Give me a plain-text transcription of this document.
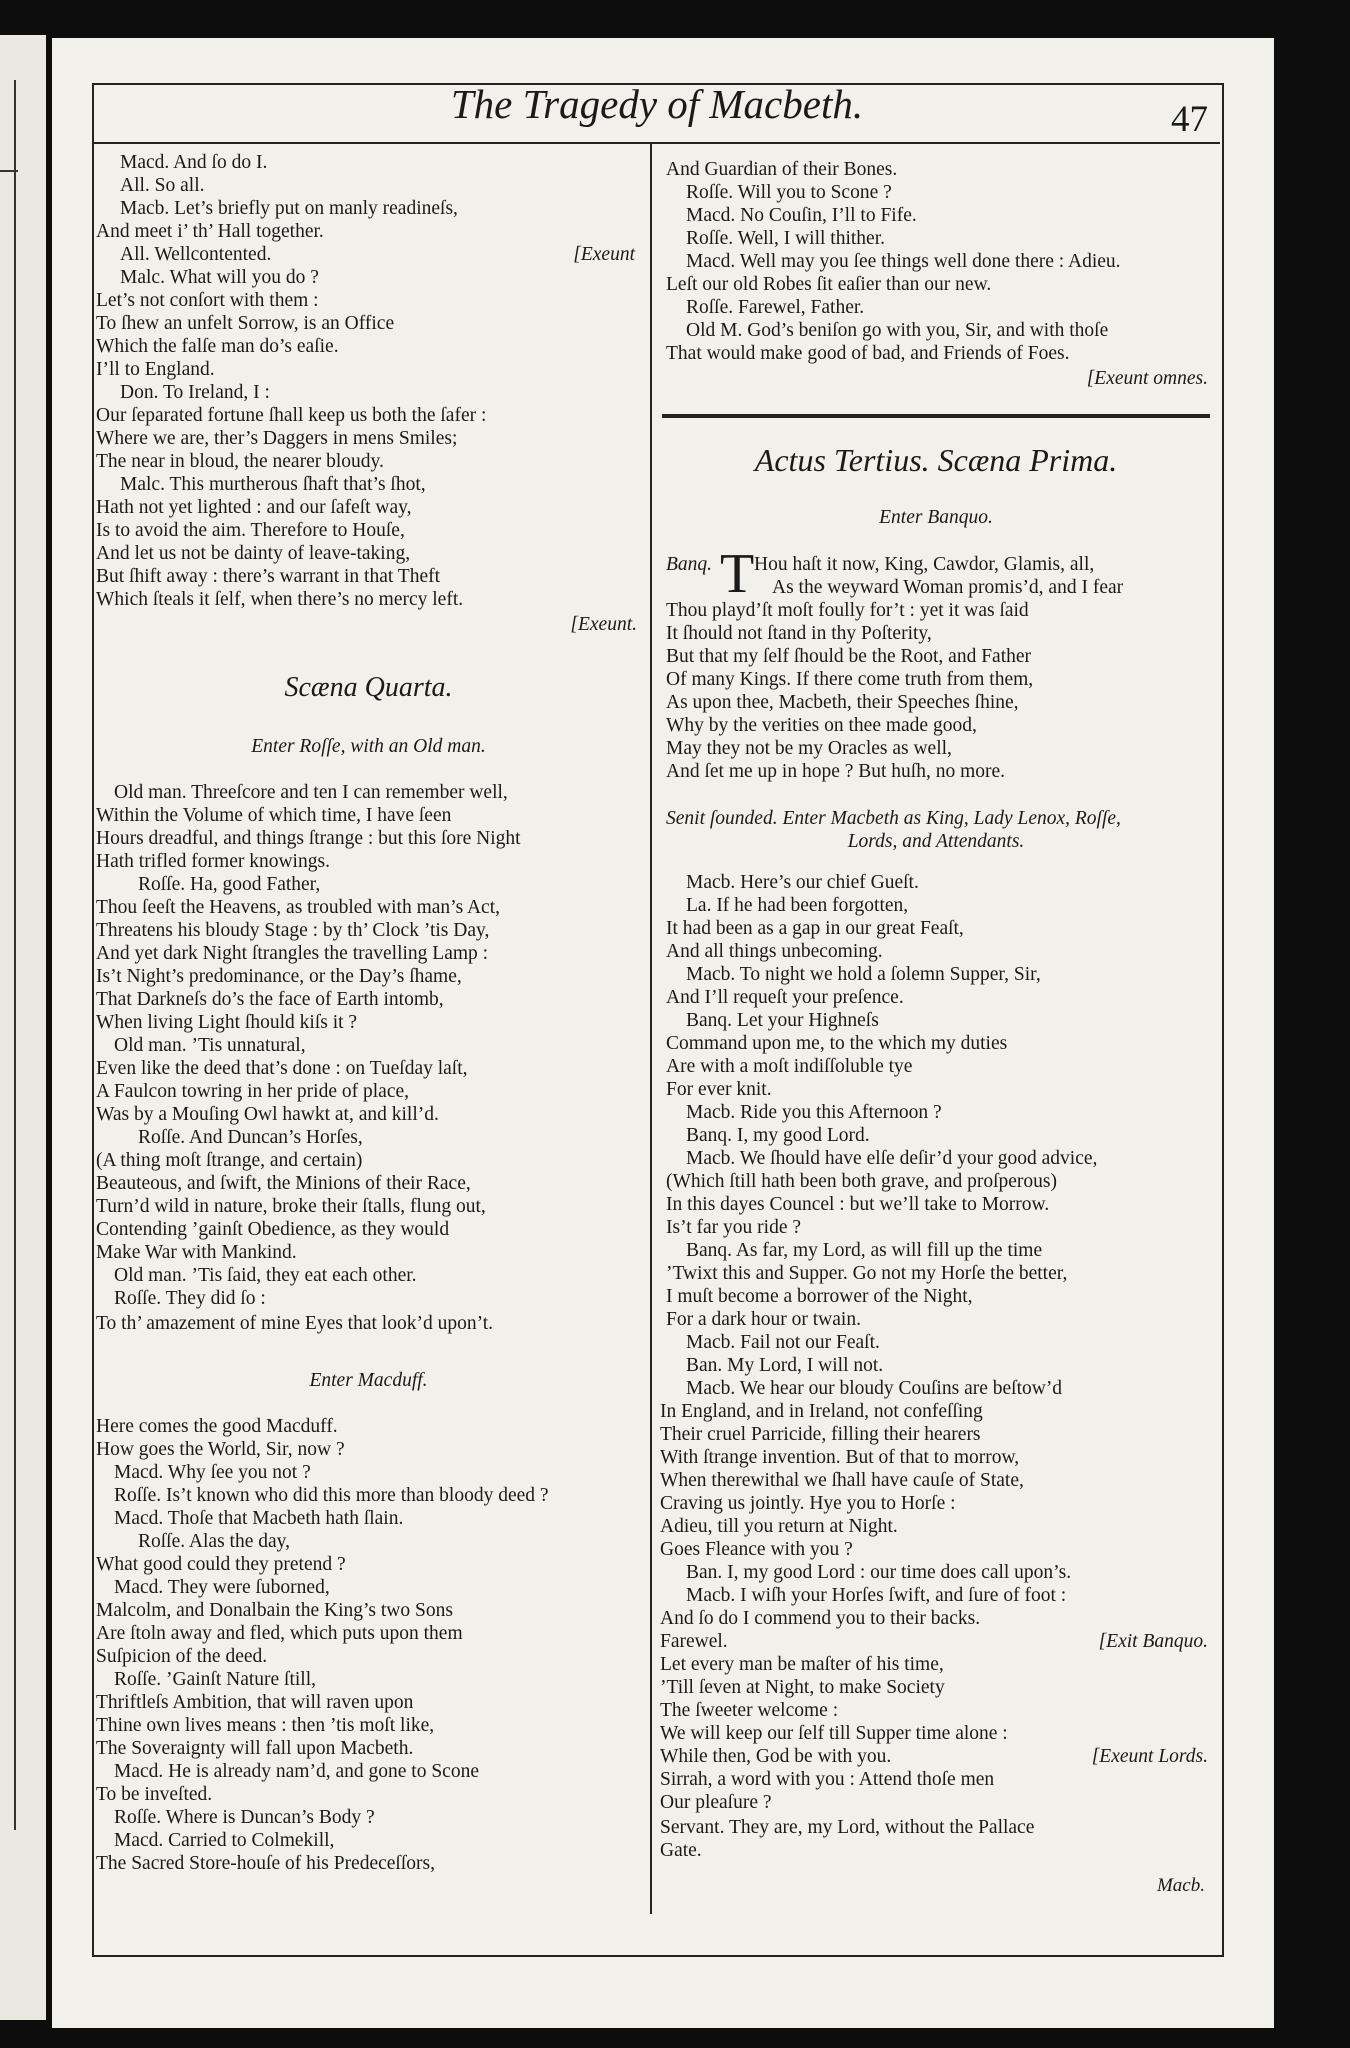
The Tragedy of Macbeth.	47
Macd. And ſo do I.
All. So all.
Macb. Let’s briefly put on manly readineſs,
And meet i’ th’ Hall together.
All. Wellcontented.	[Exeunt
Malc. What will you do ?
Let’s not conſort with them :
To ſhew an unfelt Sorrow, is an Office
Which the falſe man do’s eaſie.
I’ll to England.
Don. To Ireland, I :
Our ſeparated fortune ſhall keep us both the ſafer :
Where we are, ther’s Daggers in mens Smiles;
The near in bloud, the nearer bloudy.
Malc. This murtherous ſhaft that’s ſhot,
Hath not yet lighted : and our ſafeſt way,
Is to avoid the aim. Therefore to Houſe,
And let us not be dainty of leave-taking,
But ſhift away : there’s warrant in that Theft
Which ſteals it ſelf, when there’s no mercy left.
[Exeunt.
Scæna Quarta.
Enter Roſſe, with an Old man.
Old man. Threeſcore and ten I can remember well,
Within the Volume of which time, I have ſeen
Hours dreadful, and things ſtrange : but this ſore Night
Hath trifled former knowings.
Roſſe. Ha, good Father,
Thou ſeeſt the Heavens, as troubled with man’s Act,
Threatens his bloudy Stage : by th’ Clock ’tis Day,
And yet dark Night ſtrangles the travelling Lamp :
Is’t Night’s predominance, or the Day’s ſhame,
That Darkneſs do’s the face of Earth intomb,
When living Light ſhould kiſs it ?
Old man. ’Tis unnatural,
Even like the deed that’s done : on Tueſday laſt,
A Faulcon towring in her pride of place,
Was by a Mouſing Owl hawkt at, and kill’d.
Roſſe. And Duncan’s Horſes,
(A thing moſt ſtrange, and certain)
Beauteous, and ſwift, the Minions of their Race,
Turn’d wild in nature, broke their ſtalls, flung out,
Contending ’gainſt Obedience, as they would
Make War with Mankind.
Old man. ’Tis ſaid, they eat each other.
Roſſe. They did ſo :
To th’ amazement of mine Eyes that look’d upon’t.
Enter Macduff.
Here comes the good Macduff.
How goes the World, Sir, now ?
Macd. Why ſee you not ?
Roſſe. Is’t known who did this more than bloody deed ?
Macd. Thoſe that Macbeth hath ſlain.
Roſſe. Alas the day,
What good could they pretend ?
Macd. They were ſuborned,
Malcolm, and Donalbain the King’s two Sons
Are ſtoln away and fled, which puts upon them
Suſpicion of the deed.
Roſſe. ’Gainſt Nature ſtill,
Thriftleſs Ambition, that will raven upon
Thine own lives means : then ’tis moſt like,
The Soveraignty will fall upon Macbeth.
Macd. He is already nam’d, and gone to Scone
To be inveſted.
Roſſe. Where is Duncan’s Body ?
Macd. Carried to Colmekill,
The Sacred Store-houſe of his Predeceſſors,
And Guardian of their Bones.
Roſſe. Will you to Scone ?
Macd. No Couſin, I’ll to Fife.
Roſſe. Well, I will thither.
Macd. Well may you ſee things well done there : Adieu.
Leſt our old Robes ſit eaſier than our new.
Roſſe. Farewel, Father.
Old M. God’s beniſon go with you, Sir, and with thoſe
That would make good of bad, and Friends of Foes.
[Exeunt omnes.
Actus Tertius. Scæna Prima.
Enter Banquo.
Banq. T Hou haſt it now, King, Cawdor, Glamis, all,
As the weyward Woman promis’d, and I fear
Thou playd’ſt moſt foully for’t : yet it was ſaid
It ſhould not ſtand in thy Poſterity,
But that my ſelf ſhould be the Root, and Father
Of many Kings. If there come truth from them,
As upon thee, Macbeth, their Speeches ſhine,
Why by the verities on thee made good,
May they not be my Oracles as well,
And ſet me up in hope ? But huſh, no more.
Senit ſounded. Enter Macbeth as King, Lady Lenox, Roſſe,
Lords, and Attendants.
Macb. Here’s our chief Gueſt.
La. If he had been forgotten,
It had been as a gap in our great Feaſt,
And all things unbecoming.
Macb. To night we hold a ſolemn Supper, Sir,
And I’ll requeſt your preſence.
Banq. Let your Highneſs
Command upon me, to the which my duties
Are with a moſt indiſſoluble tye
For ever knit.
Macb. Ride you this Afternoon ?
Banq. I, my good Lord.
Macb. We ſhould have elſe deſir’d your good advice,
(Which ſtill hath been both grave, and proſperous)
In this dayes Councel : but we’ll take to Morrow.
Is’t far you ride ?
Banq. As far, my Lord, as will fill up the time
’Twixt this and Supper. Go not my Horſe the better,
I muſt become a borrower of the Night,
For a dark hour or twain.
Macb. Fail not our Feaſt.
Ban. My Lord, I will not.
Macb. We hear our bloudy Couſins are beſtow’d
In England, and in Ireland, not confeſſing
Their cruel Parricide, filling their hearers
With ſtrange invention. But of that to morrow,
When therewithal we ſhall have cauſe of State,
Craving us jointly. Hye you to Horſe :
Adieu, till you return at Night.
Goes Fleance with you ?
Ban. I, my good Lord : our time does call upon’s.
Macb. I wiſh your Horſes ſwift, and ſure of foot :
And ſo do I commend you to their backs.
Farewel.	[Exit Banquo.
Let every man be maſter of his time,
’Till ſeven at Night, to make Society
The ſweeter welcome :
We will keep our ſelf till Supper time alone :
While then, God be with you.	[Exeunt Lords.
Sirrah, a word with you : Attend thoſe men
Our pleaſure ?
Servant. They are, my Lord, without the Pallace
Gate.
Macb.
